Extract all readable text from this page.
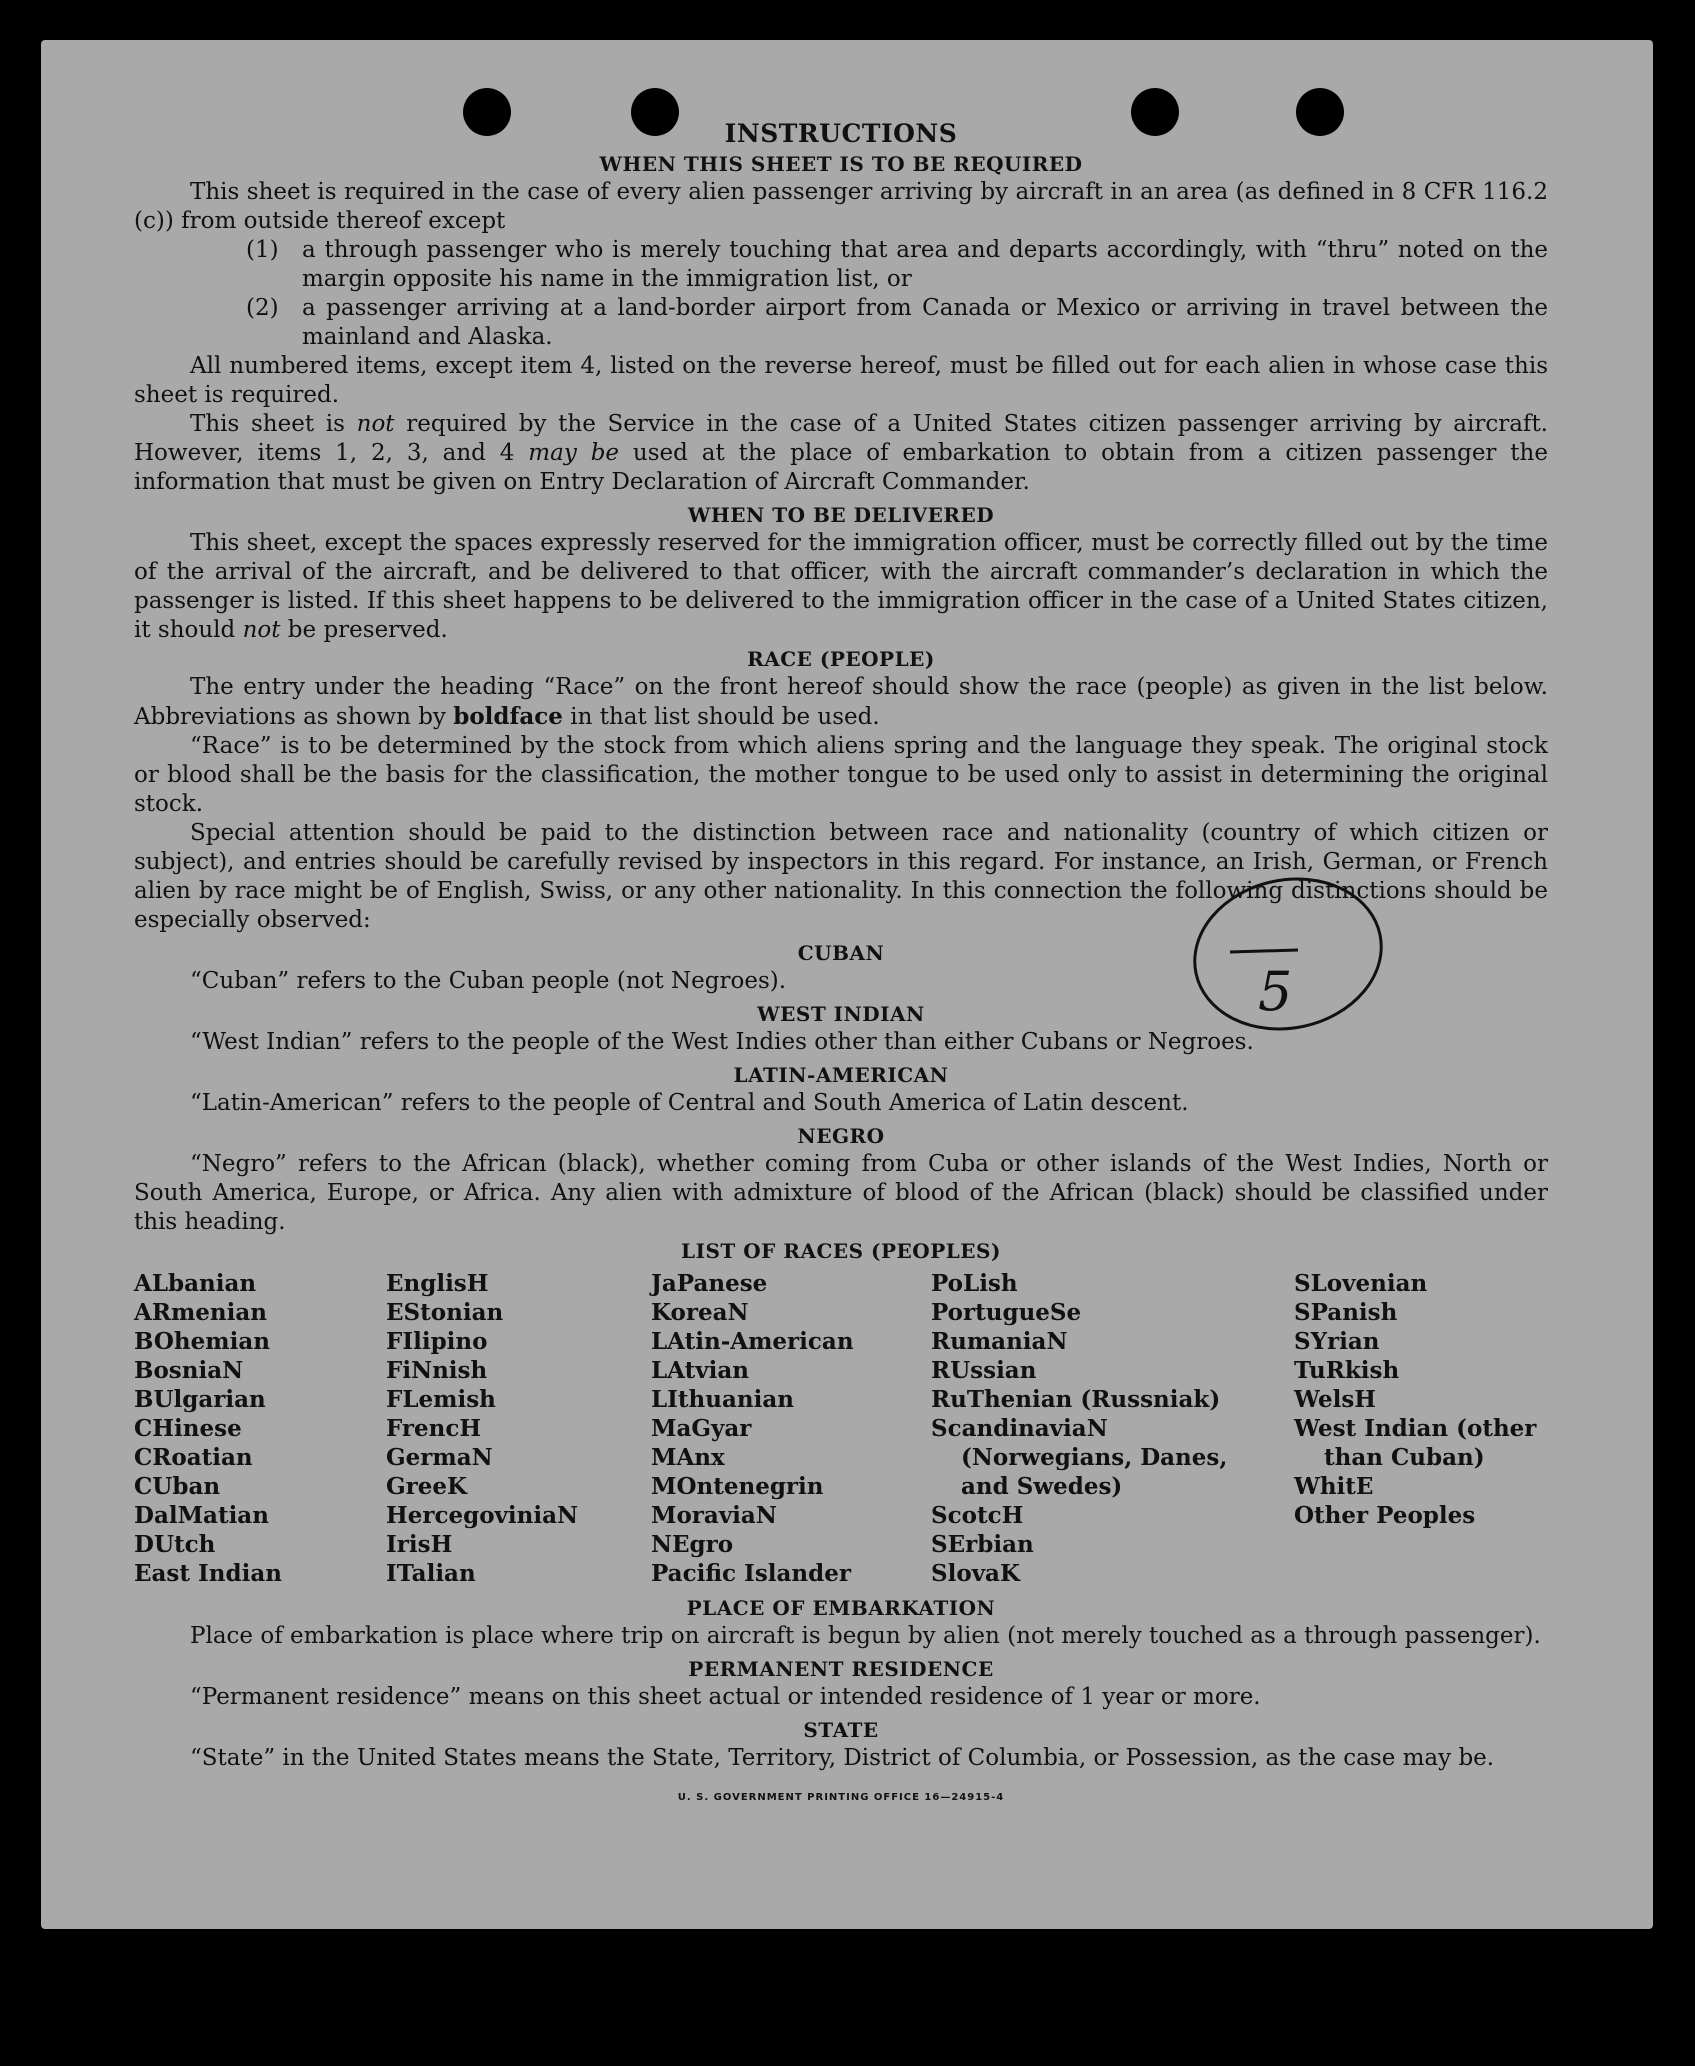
INSTRUCTIONS
WHEN THIS SHEET IS TO BE REQUIRED

This sheet is required in the case of every alien passenger arriving by aircraft in an area (as defined in 8 CFR 116.2 (c)) from outside thereof except

(1)	a through passenger who is merely touching that area and departs accordingly, with “thru” noted on the margin opposite his name in the immigration list, or
(2)	a passenger arriving at a land-border airport from Canada or Mexico or arriving in travel between the mainland and Alaska.

All numbered items, except item 4, listed on the reverse hereof, must be filled out for each alien in whose case this sheet is required.

This sheet is not required by the Service in the case of a United States citizen passenger arriving by aircraft. However, items 1, 2, 3, and 4 may be used at the place of embarkation to obtain from a citizen passenger the information that must be given on Entry Declaration of Aircraft Commander.

WHEN TO BE DELIVERED

This sheet, except the spaces expressly reserved for the immigration officer, must be correctly filled out by the time of the arrival of the aircraft, and be delivered to that officer, with the aircraft commander’s declaration in which the passenger is listed. If this sheet happens to be delivered to the immigration officer in the case of a United States citizen, it should not be preserved.

RACE (PEOPLE)

The entry under the heading “Race” on the front hereof should show the race (people) as given in the list below. Abbreviations as shown by boldface in that list should be used.

“Race” is to be determined by the stock from which aliens spring and the language they speak. The original stock or blood shall be the basis for the classification, the mother tongue to be used only to assist in determining the original stock.

Special attention should be paid to the distinction between race and nationality (country of which citizen or subject), and entries should be carefully revised by inspectors in this regard. For instance, an Irish, German, or French alien by race might be of English, Swiss, or any other nationality. In this connection the following distinctions should be especially observed:

CUBAN

“Cuban” refers to the Cuban people (not Negroes).

WEST INDIAN

“West Indian” refers to the people of the West Indies other than either Cubans or Negroes.

LATIN-AMERICAN

“Latin-American” refers to the people of Central and South America of Latin descent.

NEGRO

“Negro” refers to the African (black), whether coming from Cuba or other islands of the West Indies, North or South America, Europe, or Africa. Any alien with admixture of blood of the African (black) should be classified under this heading.

LIST OF RACES (PEOPLES)
ALbanian
ARmenian
BOhemian
BosniaN
BUlgarian
CHinese
CRoatian
CUban
DalMatian
DUtch
East Indian
EnglisH
EStonian
FIlipino
FiNnish
FLemish
FrencH
GermaN
GreeK
HercegoviniaN
IrisH
ITalian
JaPanese
KoreaN
LAtin-American
LAtvian
LIthuanian
MaGyar
MAnx
MOntenegrin
MoraviaN
NEgro
Pacific Islander
PoLish
PortugueSe
RumaniaN
RUssian
RuThenian (Russniak)
ScandinaviaN (Norwegians, Danes, and Swedes)
ScotcH
SErbian
SlovaK
SLovenian
SPanish
SYrian
TuRkish
WelsH
West Indian (other than Cuban)
WhitE
Other Peoples
PLACE OF EMBARKATION

Place of embarkation is place where trip on aircraft is begun by alien (not merely touched as a through passenger).

PERMANENT RESIDENCE

“Permanent residence” means on this sheet actual or intended residence of 1 year or more.

STATE

“State” in the United States means the State, Territory, District of Columbia, or Possession, as the case may be.

U. S. GOVERNMENT PRINTING OFFICE 16—24915-4
5
